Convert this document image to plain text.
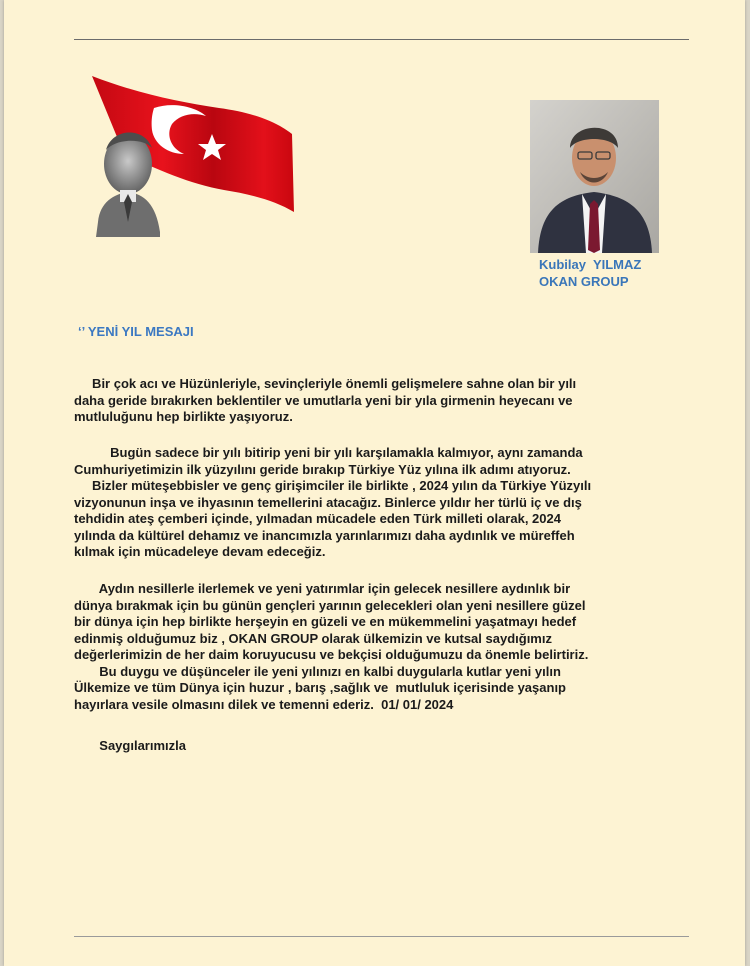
Kubilay  YILMAZ
OKAN GROUP
‘’ YENİ YIL MESAJI
Bir çok acı ve Hüzünleriyle, sevinçleriyle önemli gelişmelere sahne olan bir yılı
daha geride bırakırken beklentiler ve umutlarla yeni bir yıla girmenin heyecanı ve
mutluluğunu hep birlikte yaşıyoruz.
Bugün sadece bir yılı bitirip yeni bir yılı karşılamakla kalmıyor, aynı zamanda
Cumhuriyetimizin ilk yüzyılını geride bırakıp Türkiye Yüz yılına ilk adımı atıyoruz.
Bizler müteşebbisler ve genç girişimciler ile birlikte , 2024 yılın da Türkiye Yüzyılı
vizyonunun inşa ve ihyasının temellerini atacağız. Binlerce yıldır her türlü iç ve dış
tehdidin ateş çemberi içinde, yılmadan mücadele eden Türk milleti olarak, 2024
yılında da kültürel dehamız ve inancımızla yarınlarımızı daha aydınlık ve müreffeh
kılmak için mücadeleye devam edeceğiz.
Aydın nesillerle ilerlemek ve yeni yatırımlar için gelecek nesillere aydınlık bir
dünya bırakmak için bu günün gençleri yarının gelecekleri olan yeni nesillere güzel
bir dünya için hep birlikte herşeyin en güzeli ve en mükemmelini yaşatmayı hedef
edinmiş olduğumuz biz , OKAN GROUP olarak ülkemizin ve kutsal saydığımız
değerlerimizin de her daim koruyucusu ve bekçisi olduğumuzu da önemle belirtiriz.
Bu duygu ve düşünceler ile yeni yılınızı en kalbi duygularla kutlar yeni yılın
Ülkemize ve tüm Dünya için huzur , barış ,sağlık ve  mutluluk içerisinde yaşanıp
hayırlara vesile olmasını dilek ve temenni ederiz.  01/ 01/ 2024
Saygılarımızla
